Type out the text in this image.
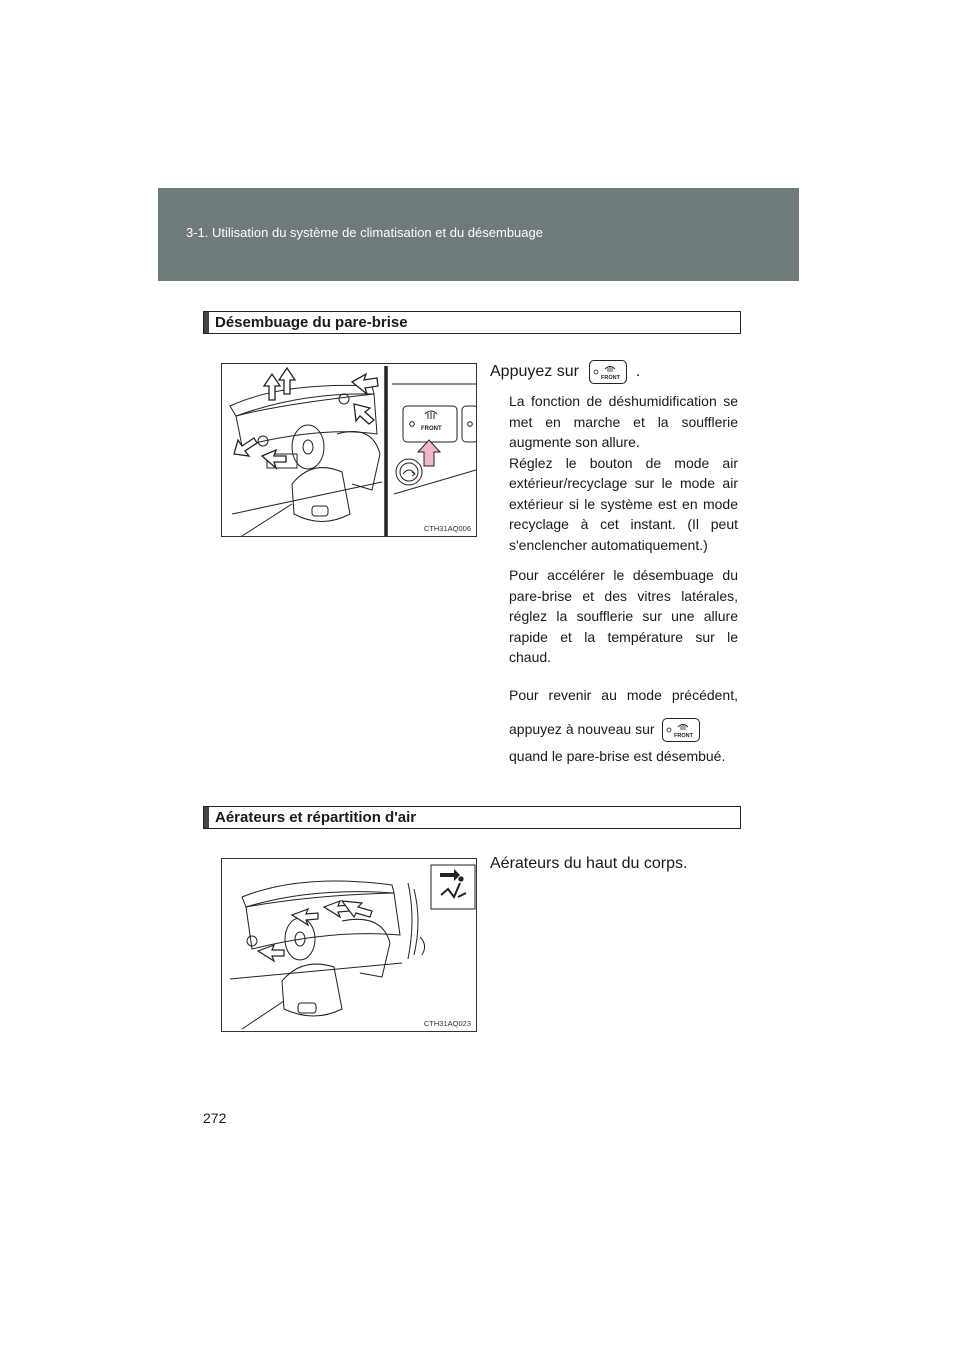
3-1. Utilisation du système de climatisation et du désembuage
Désembuage du pare-brise
FRONT
CTH31AQ006
Appuyez sur	FRONT .

La fonction de déshumidification se met en marche et la soufflerie augmente son allure.

Réglez le bouton de mode air extérieur/recyclage sur le mode air extérieur si le système est en mode recyclage à cet instant. (Il peut s'enclencher automatiquement.)

Pour accélérer le désembuage du pare-brise et des vitres latérales, réglez la soufflerie sur une allure rapide et la température sur le chaud.

Pour revenir au mode précédent, appuyez à nouveau sur	FRONT

quand le pare-brise est désembué.

Aérateurs et répartition d'air
CTH31AQ023
Aérateurs du haut du corps.
272
